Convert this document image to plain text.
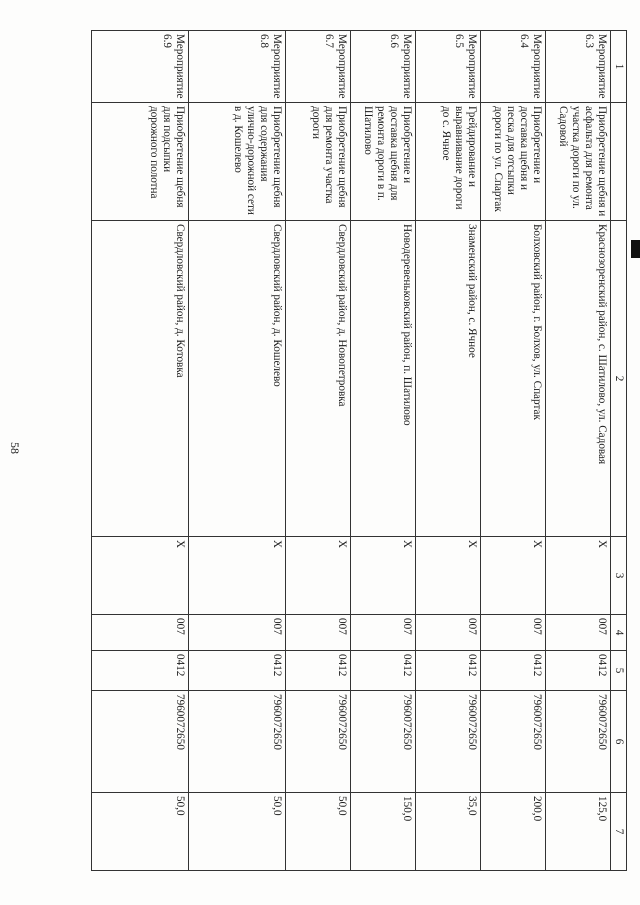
58
1		2	3	4	5	6	7
Мероприятие 6.3	Приобретение щебня и асфальта для ремонта участка дороги по ул. Садовой	Краснозоренский район, с. Шатилово, ул. Садовая	Х	007	0412	7960072650	125,0
Мероприятие 6.4	Приобретение и доставка щебня и песка для отсыпки дороги по ул. Спартак	Болховский район, г. Болхов, ул. Спартак	Х	007	0412	7960072650	200,0
Мероприятие 6.5	Грейдирование и выравнивание дороги до с. Ячное	Знаменский район, с. Ячное	Х	007	0412	7960072650	35,0
Мероприятие 6.6	Приобретение и доставка щебня для ремонта дороги в п. Шатилово	Новодеревеньковский район, п. Шатилово	Х	007	0412	7960072650	150,0
Мероприятие 6.7	Приобретение щебня для ремонта участка дороги	Свердловский район, д. Новопетровка	Х	007	0412	7960072650	50,0
Мероприятие 6.8	Приобретение щебня для содержания улично-дорожной сети в д. Кошелево	Свердловский район, д. Кошелево	Х	007	0412	7960072650	50,0
Мероприятие 6.9	Приобретение щебня для подсыпки дорожного полотна	Свердловский район, д. Котовка	Х	007	0412	7960072650	50,0
